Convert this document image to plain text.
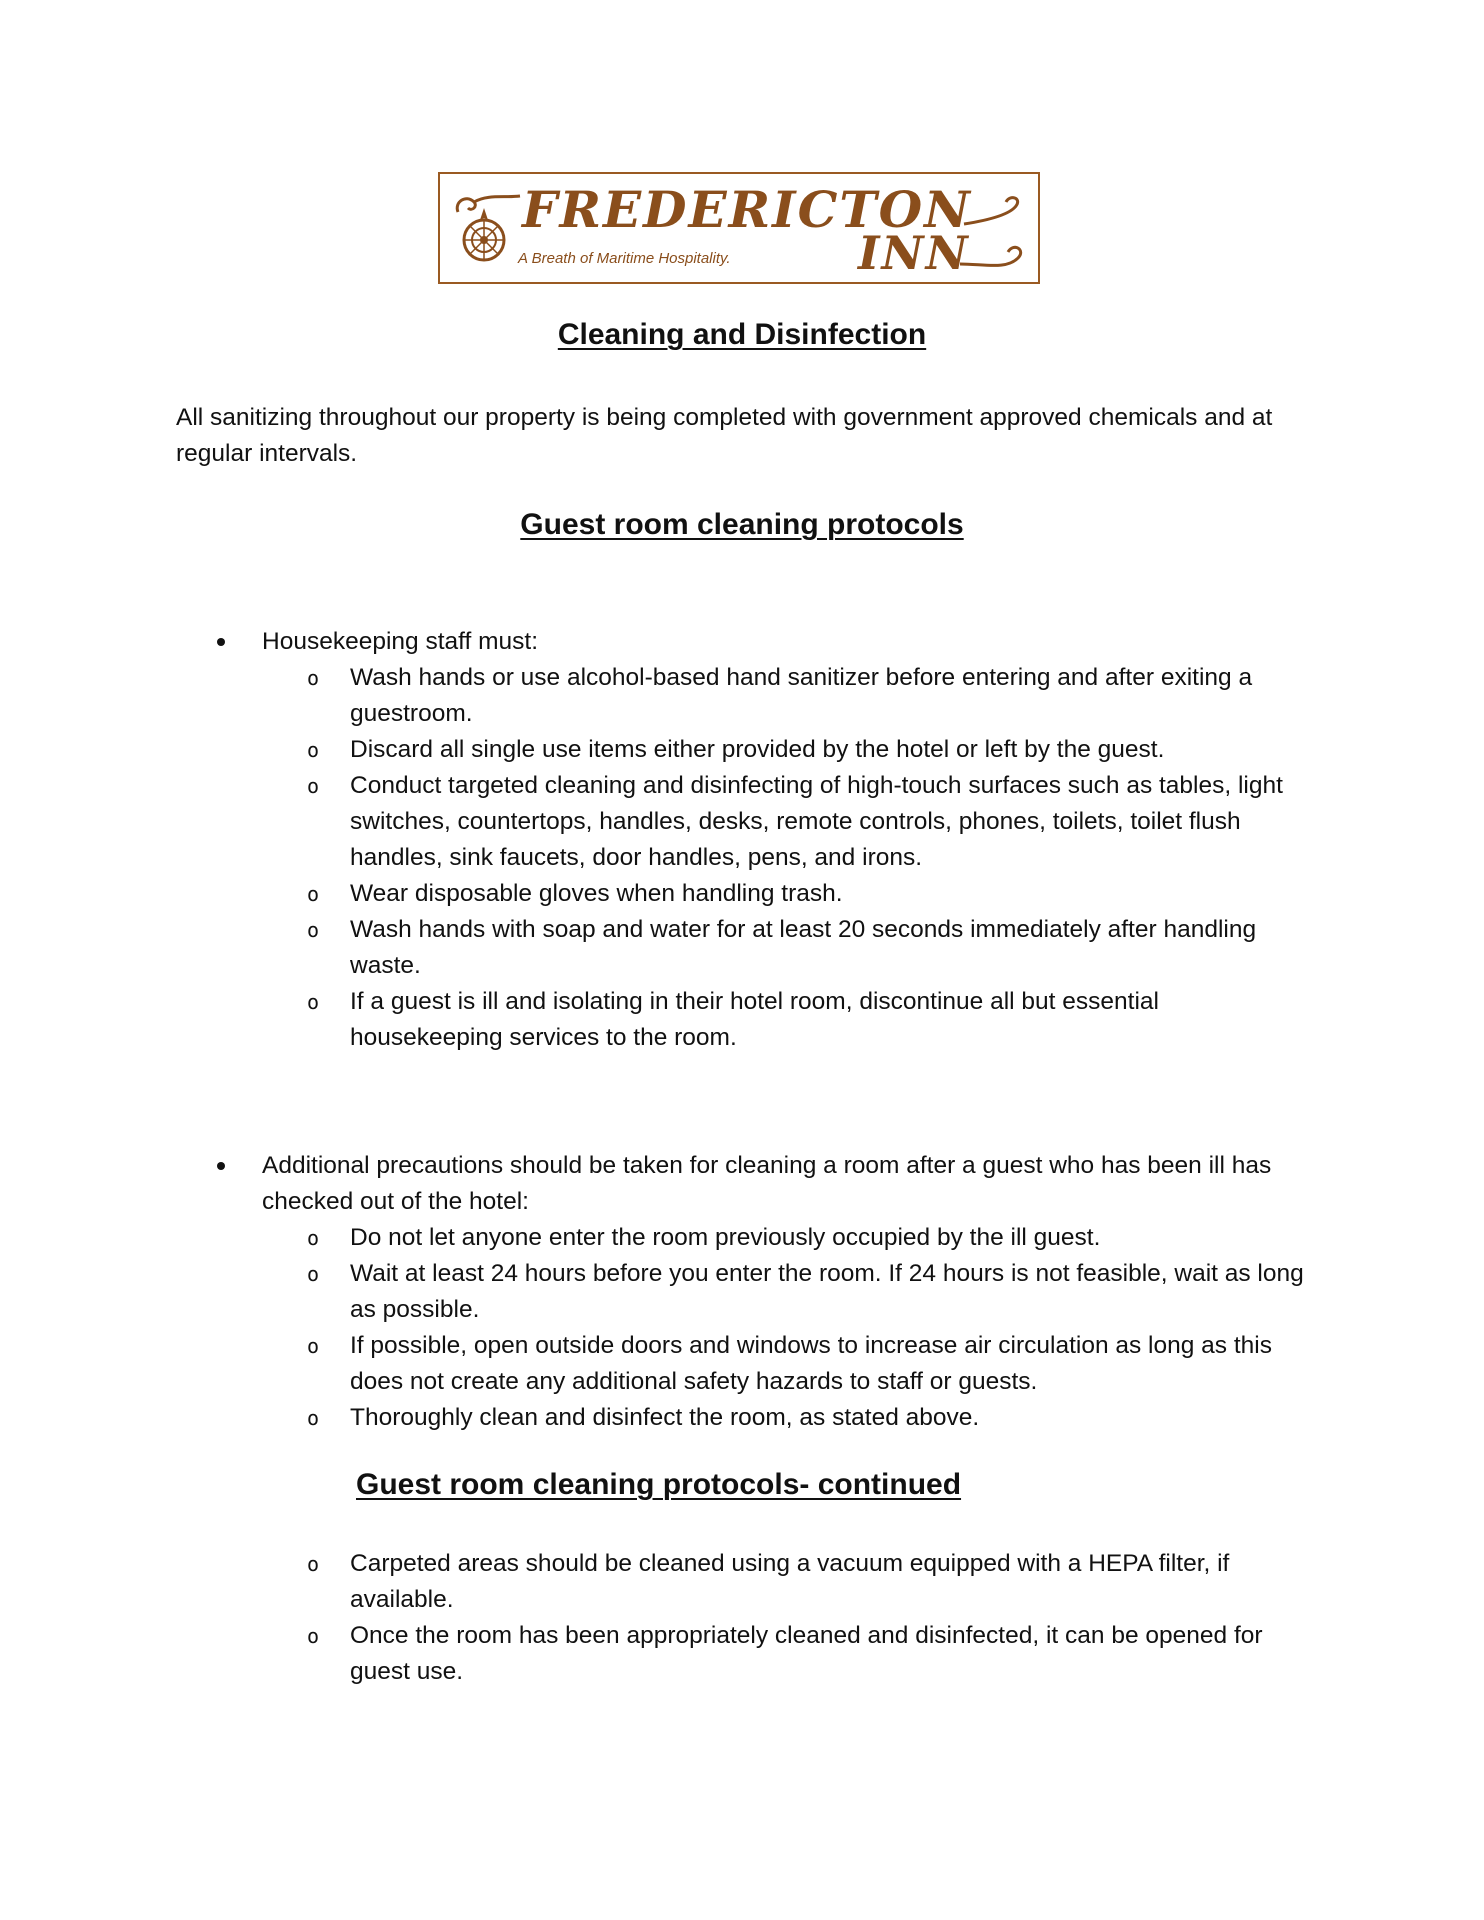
FREDERICTON
A Breath of Maritime Hospitality.	INN
Cleaning and Disinfection

All sanitizing throughout our property is being completed with government approved chemicals and at regular intervals.

Guest room cleaning protocols

Housekeeping staff must:

o Wash hands or use alcohol-based hand sanitizer before entering and after exiting a guestroom.
o Discard all single use items either provided by the hotel or left by the guest.
o Conduct targeted cleaning and disinfecting of high-touch surfaces such as tables, light switches, countertops, handles, desks, remote controls, phones, toilets, toilet flush handles, sink faucets, door handles, pens, and irons.
o Wear disposable gloves when handling trash.
o Wash hands with soap and water for at least 20 seconds immediately after handling waste.
o If a guest is ill and isolating in their hotel room, discontinue all but essential housekeeping services to the room.

Additional precautions should be taken for cleaning a room after a guest who has been ill has checked out of the hotel:

o Do not let anyone enter the room previously occupied by the ill guest.
o Wait at least 24 hours before you enter the room. If 24 hours is not feasible, wait as long as possible.
o If possible, open outside doors and windows to increase air circulation as long as this does not create any additional safety hazards to staff or guests.
o Thoroughly clean and disinfect the room, as stated above.
Guest room cleaning protocols- continued
o Carpeted areas should be cleaned using a vacuum equipped with a HEPA filter, if available.
o Once the room has been appropriately cleaned and disinfected, it can be opened for guest use.
